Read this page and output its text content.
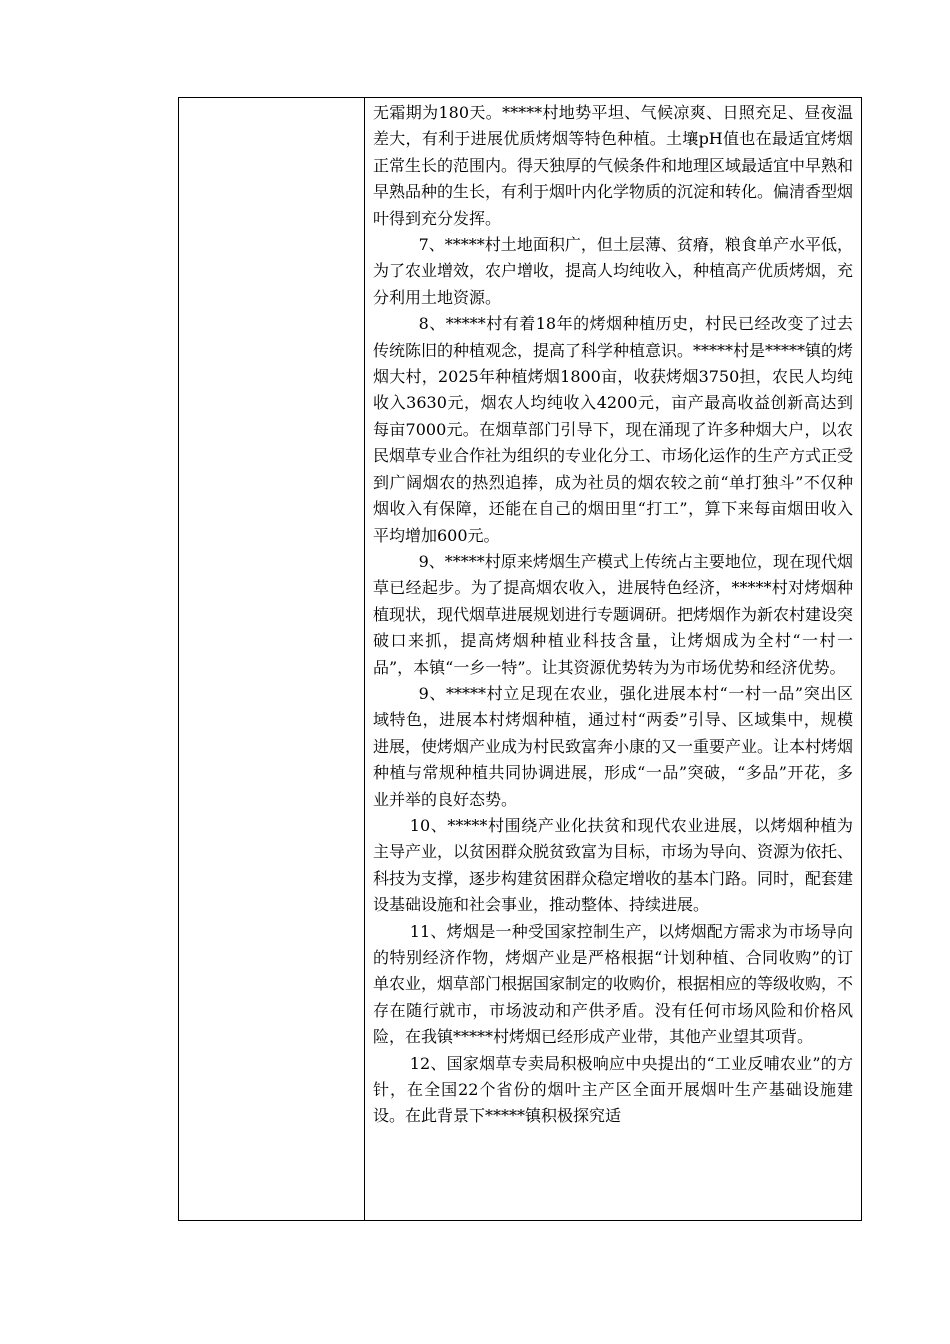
无霜期为180天。*****村地势平坦、气候凉爽、日照充足、昼夜温差大，有利于进展优质烤烟等特色种植。土壤pH值也在最适宜烤烟正常生长的范围内。得天独厚的气候条件和地理区域最适宜中早熟和早熟品种的生长，有利于烟叶内化学物质的沉淀和转化。偏清香型烟叶得到充分发挥。

7、*****村土地面积广，但土层薄、贫瘠，粮食单产水平低，为了农业增效，农户增收，提高人均纯收入，种植高产优质烤烟，充分利用土地资源。

8、*****村有着18年的烤烟种植历史，村民已经改变了过去传统陈旧的种植观念，提高了科学种植意识。*****村是*****镇的烤烟大村，2025年种植烤烟1800亩，收获烤烟3750担，农民人均纯收入3630元，烟农人均纯收入4200元，亩产最高收益创新高达到每亩7000元。在烟草部门引导下，现在涌现了许多种烟大户，以农民烟草专业合作社为组织的专业化分工、市场化运作的生产方式正受到广阔烟农的热烈追捧，成为社员的烟农较之前“单打独斗”不仅种烟收入有保障，还能在自己的烟田里“打工”，算下来每亩烟田收入平均增加600元。

9、*****村原来烤烟生产模式上传统占主要地位，现在现代烟草已经起步。为了提高烟农收入，进展特色经济，*****村对烤烟种植现状，现代烟草进展规划进行专题调研。把烤烟作为新农村建设突破口来抓，提高烤烟种植业科技含量，让烤烟成为全村“一村一品”，本镇“一乡一特”。让其资源优势转为为市场优势和经济优势。

9、*****村立足现在农业，强化进展本村“一村一品”突出区域特色，进展本村烤烟种植，通过村“两委”引导、区域集中，规模进展，使烤烟产业成为村民致富奔小康的又一重要产业。让本村烤烟种植与常规种植共同协调进展，形成“一品”突破，“多品”开花，多业并举的良好态势。

10、*****村围绕产业化扶贫和现代农业进展，以烤烟种植为主导产业，以贫困群众脱贫致富为目标，市场为导向、资源为依托、科技为支撑，逐步构建贫困群众稳定增收的基本门路。同时，配套建设基础设施和社会事业，推动整体、持续进展。

11、烤烟是一种受国家控制生产，以烤烟配方需求为市场导向的特别经济作物，烤烟产业是严格根据“计划种植、合同收购”的订单农业，烟草部门根据国家制定的收购价，根据相应的等级收购，不存在随行就市，市场波动和产供矛盾。没有任何市场风险和价格风险，在我镇*****村烤烟已经形成产业带，其他产业望其项背。

12、国家烟草专卖局积极响应中央提出的“工业反哺农业”的方针，在全国22个省份的烟叶主产区全面开展烟叶生产基础设施建设。在此背景下*****镇积极探究适
